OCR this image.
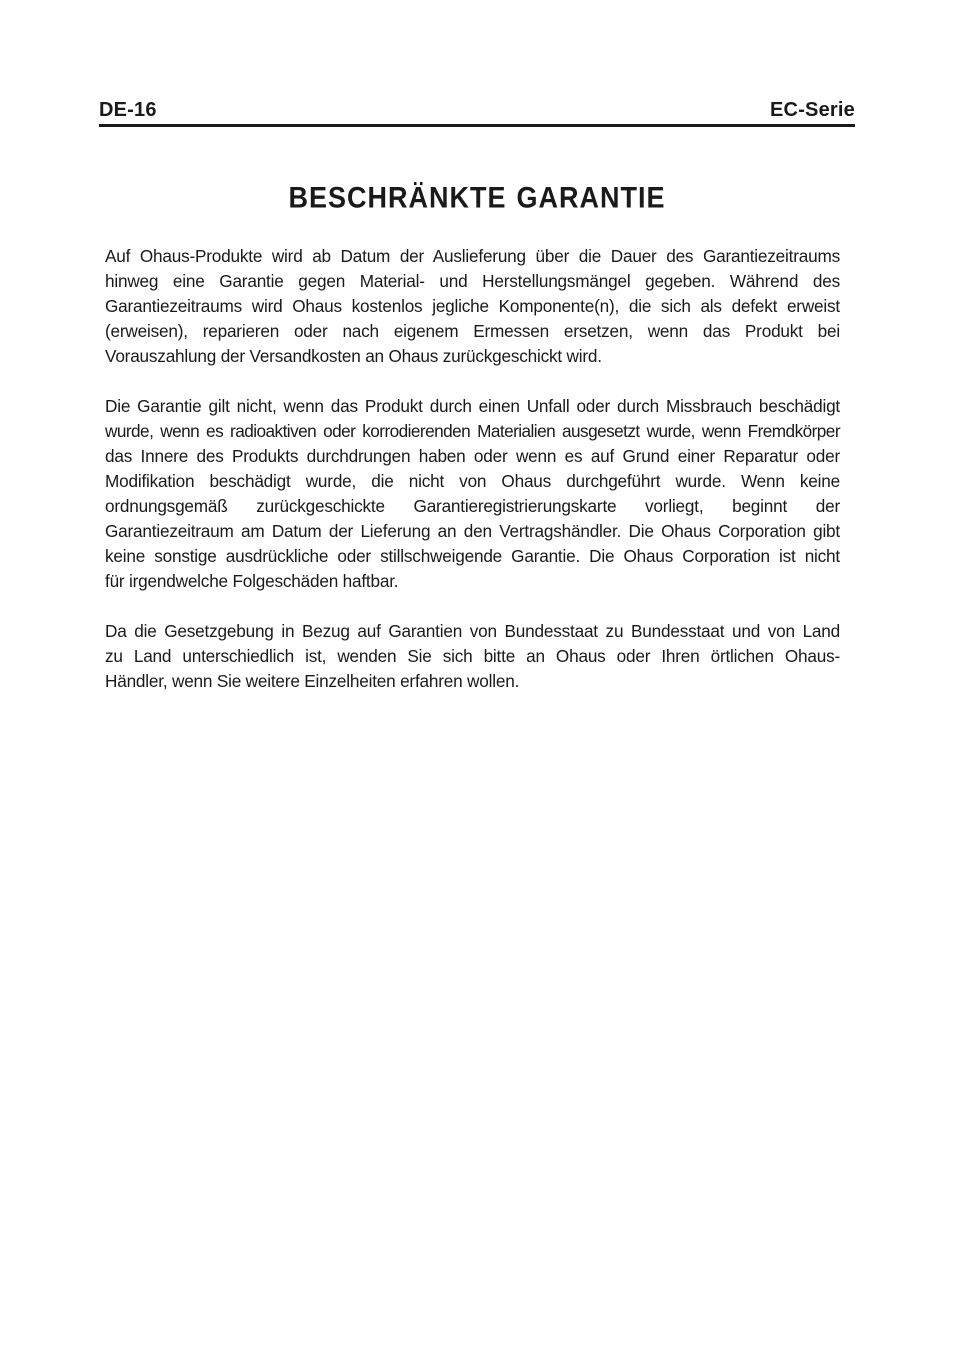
DE-16	EC-Serie
BESCHRÄNKTE GARANTIE

Auf Ohaus-Produkte wird ab Datum der Auslieferung über die Dauer des Garantiezeitraums
hinweg eine Garantie gegen Material- und Herstellungsmängel gegeben. Während des
Garantiezeitraums wird Ohaus kostenlos jegliche Komponente(n), die sich als defekt erweist
(erweisen), reparieren oder nach eigenem Ermessen ersetzen, wenn das Produkt bei
Vorauszahlung der Versandkosten an Ohaus zurückgeschickt wird.

Die Garantie gilt nicht, wenn das Produkt durch einen Unfall oder durch Missbrauch beschädigt
wurde, wenn es radioaktiven oder korrodierenden Materialien ausgesetzt wurde, wenn Fremdkörper
das Innere des Produkts durchdrungen haben oder wenn es auf Grund einer Reparatur oder
Modifikation beschädigt wurde, die nicht von Ohaus durchgeführt wurde. Wenn keine
ordnungsgemäß zurückgeschickte Garantieregistrierungskarte vorliegt, beginnt der
Garantiezeitraum am Datum der Lieferung an den Vertragshändler. Die Ohaus Corporation gibt
keine sonstige ausdrückliche oder stillschweigende Garantie. Die Ohaus Corporation ist nicht
für irgendwelche Folgeschäden haftbar.

Da die Gesetzgebung in Bezug auf Garantien von Bundesstaat zu Bundesstaat und von Land
zu Land unterschiedlich ist, wenden Sie sich bitte an Ohaus oder Ihren örtlichen Ohaus-
Händler, wenn Sie weitere Einzelheiten erfahren wollen.
